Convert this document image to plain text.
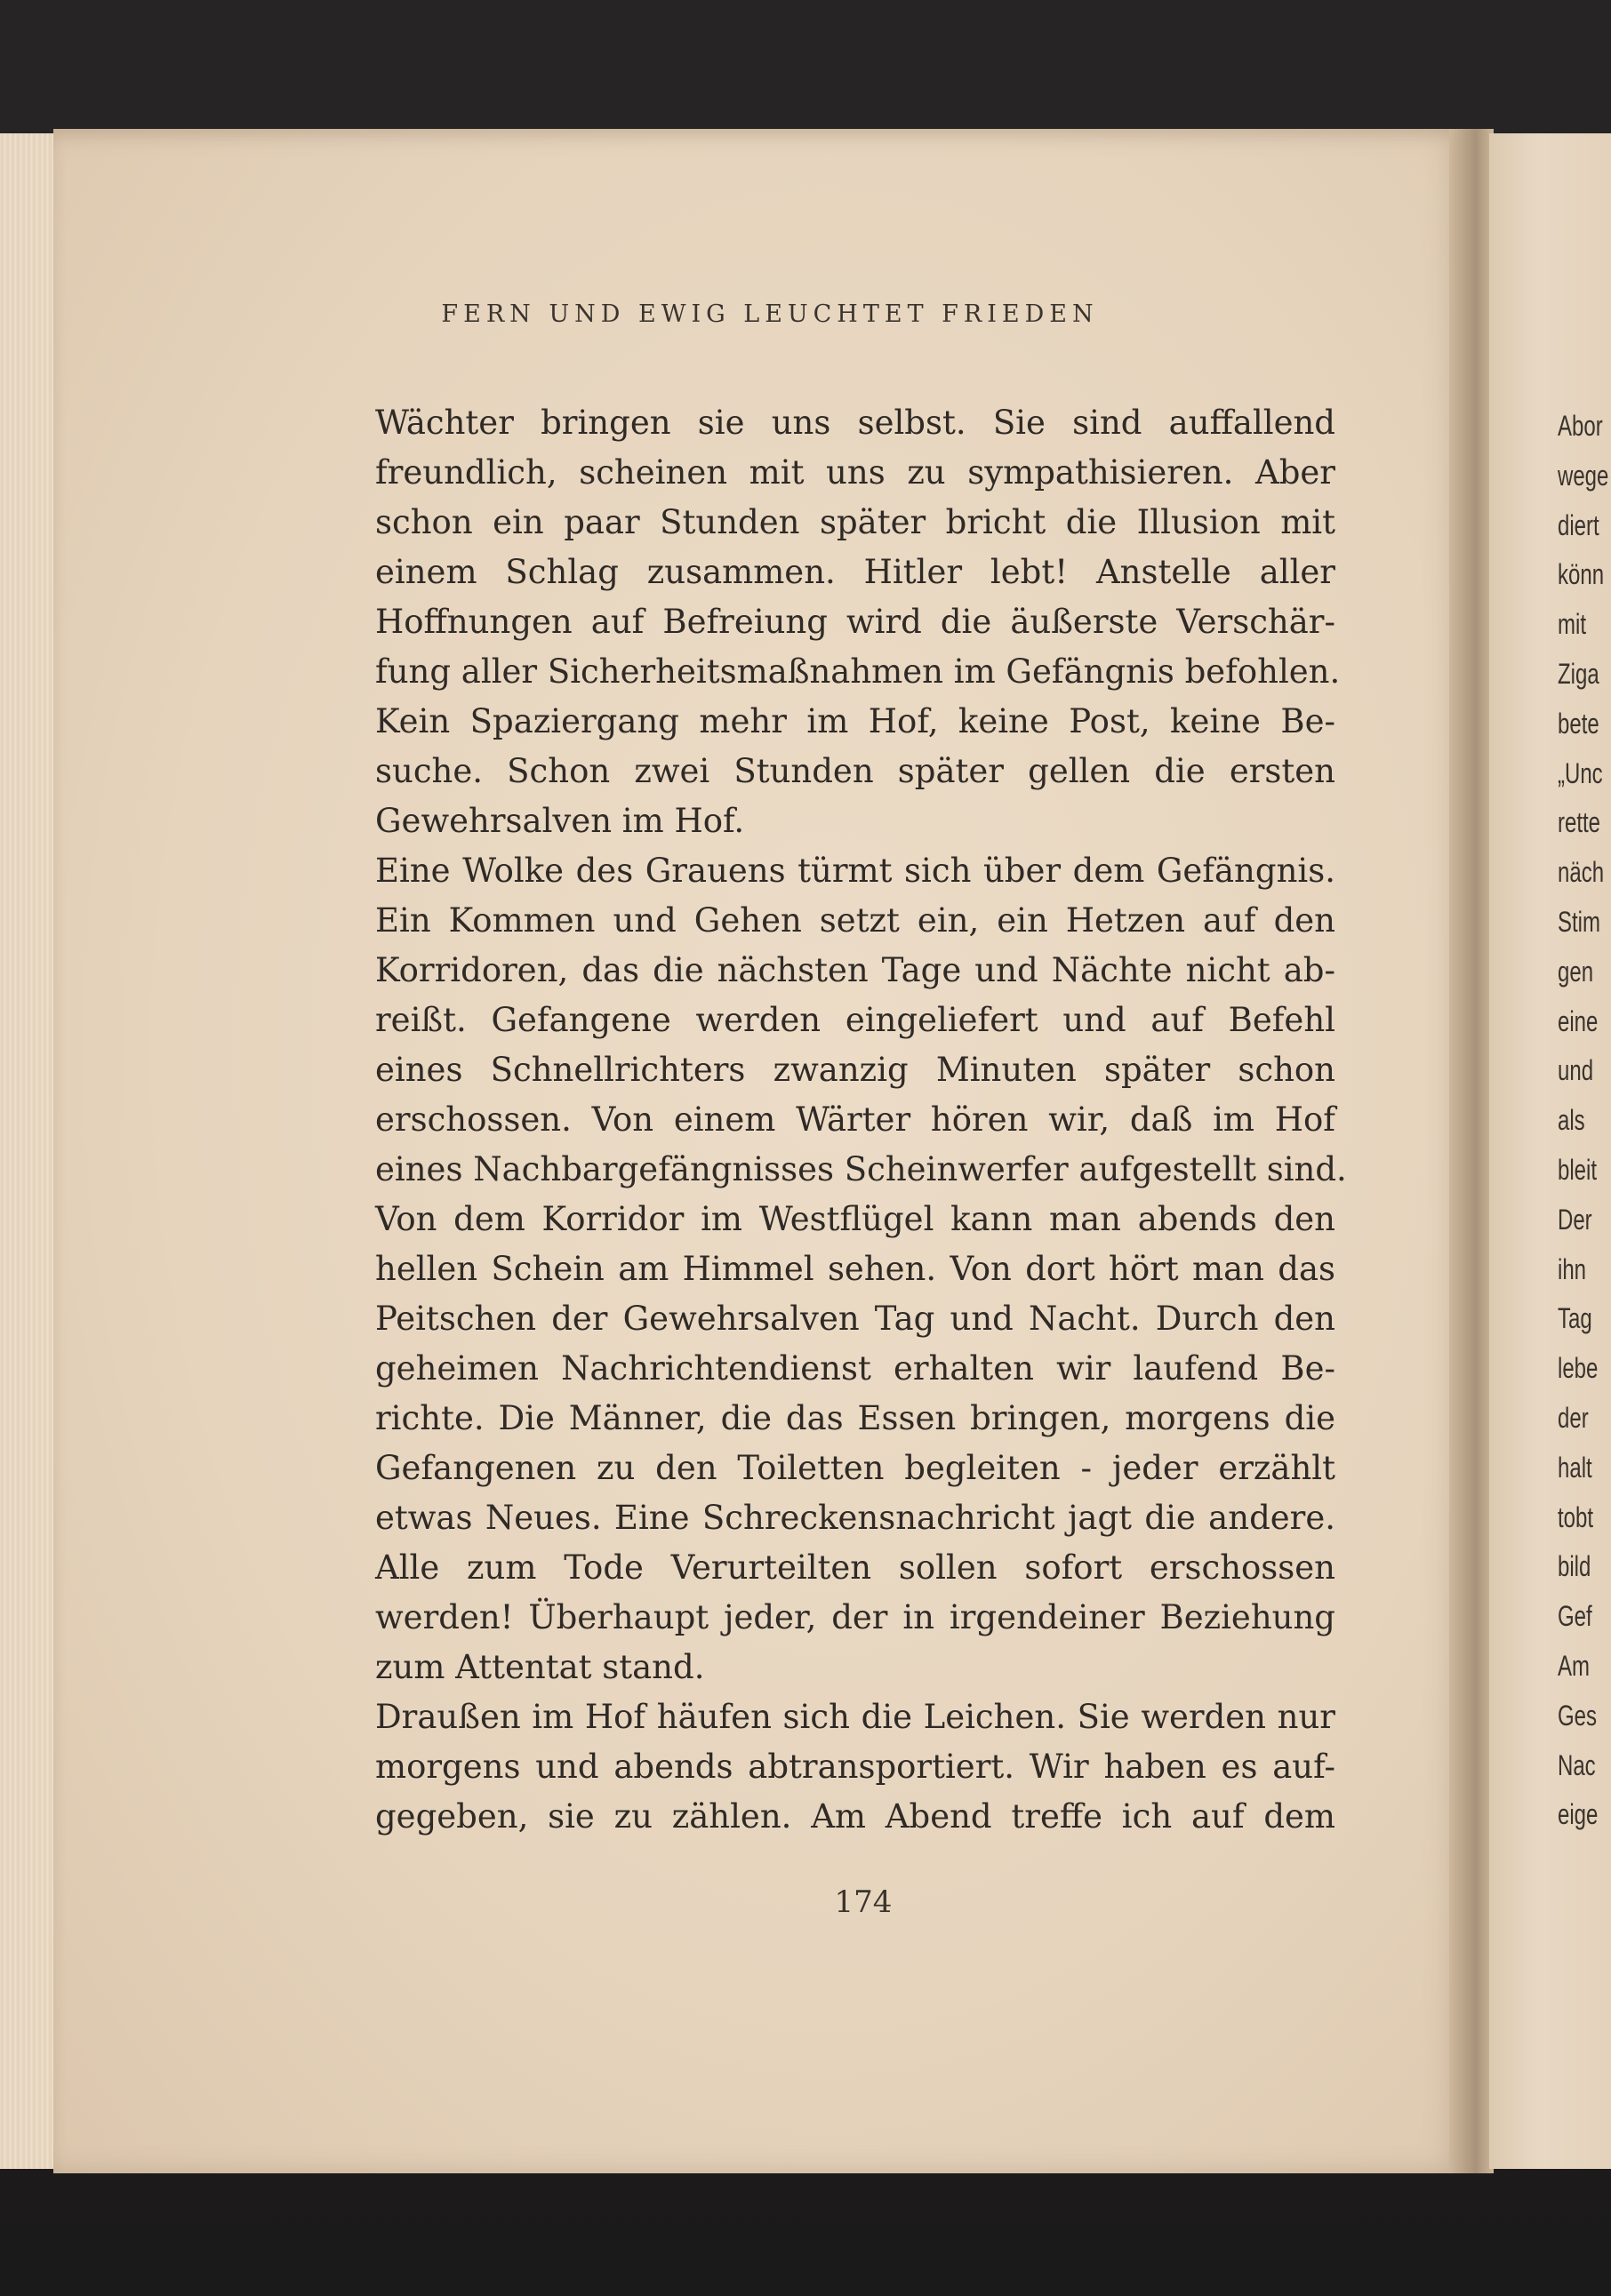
FERN UND EWIG LEUCHTET FRIEDEN
Wächter bringen sie uns selbst. Sie sind auffallend
freundlich, scheinen mit uns zu sympathisieren. Aber
schon ein paar Stunden später bricht die Illusion mit
einem Schlag zusammen. Hitler lebt! Anstelle aller
Hoffnungen auf Befreiung wird die äußerste Verschär-
fung aller Sicherheitsmaßnahmen im Gefängnis befohlen.
Kein Spaziergang mehr im Hof, keine Post, keine Be-
suche. Schon zwei Stunden später gellen die ersten
Gewehrsalven im Hof.
Eine Wolke des Grauens türmt sich über dem Gefängnis.
Ein Kommen und Gehen setzt ein, ein Hetzen auf den
Korridoren, das die nächsten Tage und Nächte nicht ab-
reißt. Gefangene werden eingeliefert und auf Befehl
eines Schnellrichters zwanzig Minuten später schon
erschossen. Von einem Wärter hören wir, daß im Hof
eines Nachbargefängnisses Scheinwerfer aufgestellt sind.
Von dem Korridor im Westflügel kann man abends den
hellen Schein am Himmel sehen. Von dort hört man das
Peitschen der Gewehrsalven Tag und Nacht. Durch den
geheimen Nachrichtendienst erhalten wir laufend Be-
richte. Die Männer, die das Essen bringen, morgens die
Gefangenen zu den Toiletten begleiten - jeder erzählt
etwas Neues. Eine Schreckensnachricht jagt die andere.
Alle zum Tode Verurteilten sollen sofort erschossen
werden! Überhaupt jeder, der in irgendeiner Beziehung
zum Attentat stand.
Draußen im Hof häufen sich die Leichen. Sie werden nur
morgens und abends abtransportiert. Wir haben es auf-
gegeben, sie zu zählen. Am Abend treffe ich auf dem
174
Abor
wege
diert
könn
mit
Ziga
bete
„Unc
rette
näch
Stim
gen
eine
und
als
bleit
Der
ihn
Tag
lebe
der
halt
tobt
bild
Gef
Am
Ges
Nac
eige
